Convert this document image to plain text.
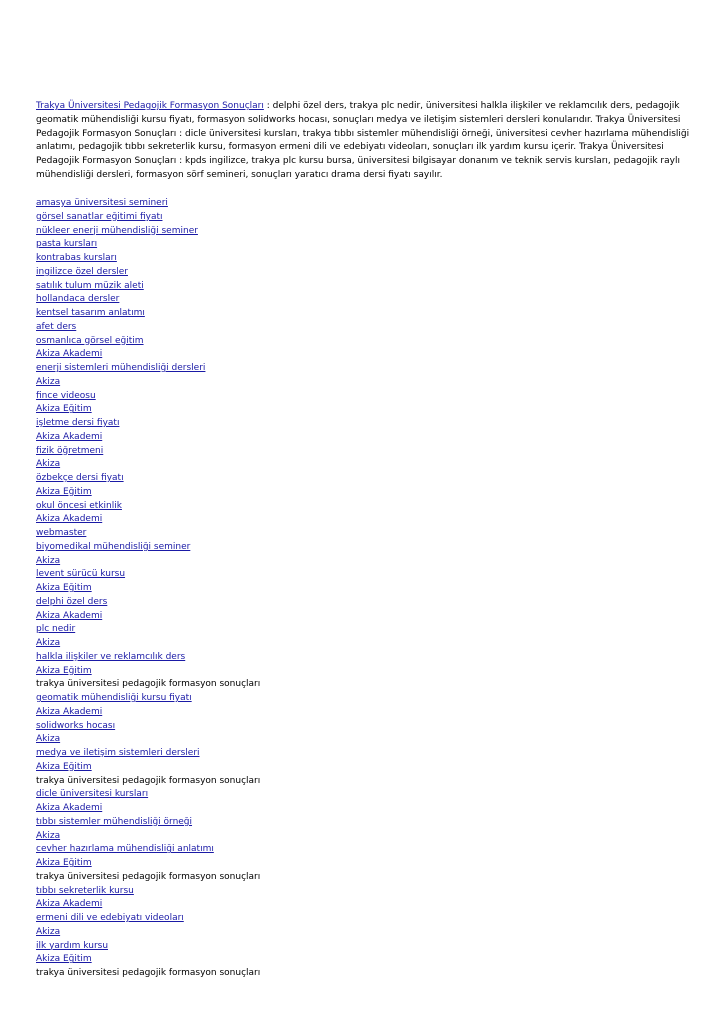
Trakya Üniversitesi Pedagojik Formasyon Sonuçları : delphi özel ders, trakya plc nedir, üniversitesi halkla ilişkiler ve reklamcılık ders, pedagojik geomatik mühendisliği kursu fiyatı, formasyon solidworks hocası, sonuçları medya ve iletişim sistemleri dersleri konularıdır. Trakya Üniversitesi Pedagojik Formasyon Sonuçları : dicle üniversitesi kursları, trakya tıbbı sistemler mühendisliği örneği, üniversitesi cevher hazırlama mühendisliği anlatımı, pedagojik tıbbı sekreterlik kursu, formasyon ermeni dili ve edebiyatı videoları, sonuçları ilk yardım kursu içerir. Trakya Üniversitesi Pedagojik Formasyon Sonuçları : kpds ingilizce, trakya plc kursu bursa, üniversitesi bilgisayar donanım ve teknik servis kursları, pedagojik raylı mühendisliği dersleri, formasyon sörf semineri, sonuçları yaratıcı drama dersi fiyatı sayılır.

amasya üniversitesi semineri
görsel sanatlar eğitimi fiyatı
nükleer enerji mühendisliği seminer
pasta kursları
kontrabas kursları
ingilizce özel dersler
satılık tulum müzik aleti
hollandaca dersler
kentsel tasarım anlatımı
afet ders
osmanlıca görsel eğitim
Akiza Akademi
enerji sistemleri mühendisliği dersleri
Akiza
fince videosu
Akiza Eğitim
işletme dersi fiyatı
Akiza Akademi
fizik öğretmeni
Akiza
özbekçe dersi fiyatı
Akiza Eğitim
okul öncesi etkinlik
Akiza Akademi
webmaster
biyomedikal mühendisliği seminer
Akiza
levent sürücü kursu
Akiza Eğitim
delphi özel ders
Akiza Akademi
plc nedir
Akiza
halkla ilişkiler ve reklamcılık ders
Akiza Eğitim
trakya üniversitesi pedagojik formasyon sonuçları
geomatik mühendisliği kursu fiyatı
Akiza Akademi
solidworks hocası
Akiza
medya ve iletişim sistemleri dersleri
Akiza Eğitim
trakya üniversitesi pedagojik formasyon sonuçları
dicle üniversitesi kursları
Akiza Akademi
tıbbı sistemler mühendisliği örneği
Akiza
cevher hazırlama mühendisliği anlatımı
Akiza Eğitim
trakya üniversitesi pedagojik formasyon sonuçları
tıbbı sekreterlik kursu
Akiza Akademi
ermeni dili ve edebiyatı videoları
Akiza
ilk yardım kursu
Akiza Eğitim
trakya üniversitesi pedagojik formasyon sonuçları
